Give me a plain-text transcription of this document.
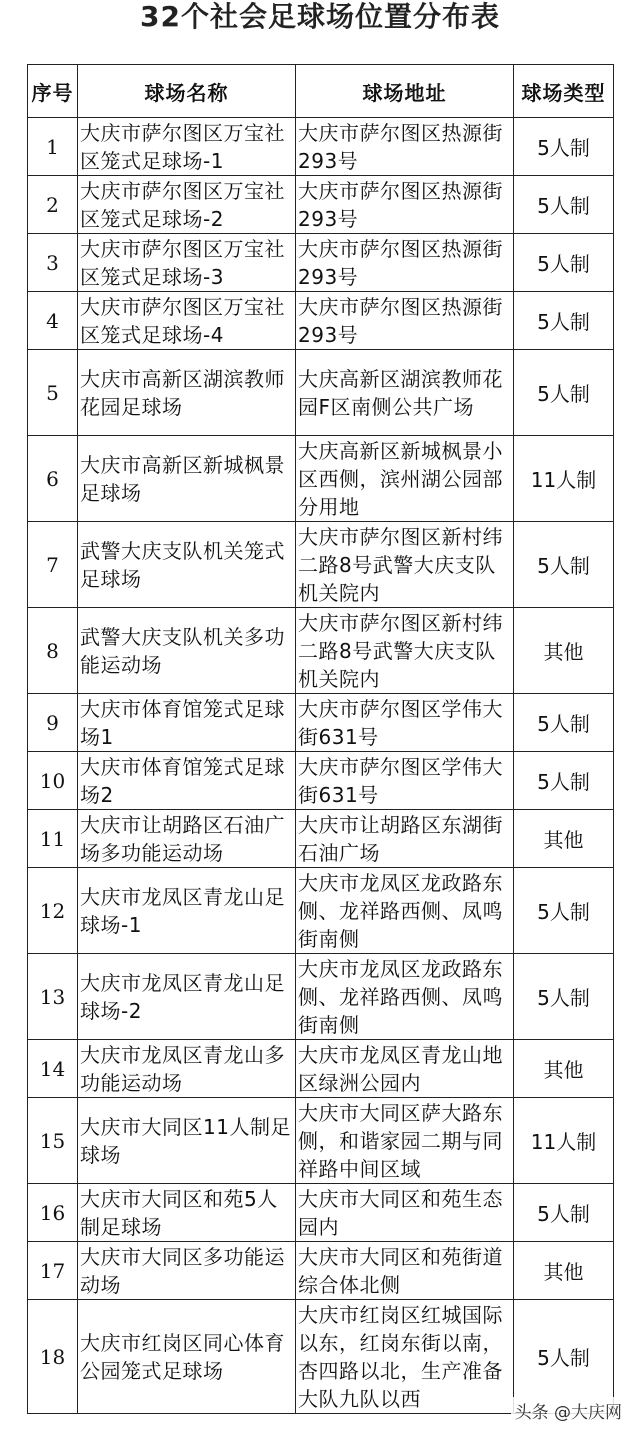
32个社会足球场位置分布表
序号	球场名称	球场地址	球场类型
1	大庆市萨尔图区万宝社区笼式足球场-1	大庆市萨尔图区热源街293号	5人制
2	大庆市萨尔图区万宝社区笼式足球场-2	大庆市萨尔图区热源街293号	5人制
3	大庆市萨尔图区万宝社区笼式足球场-3	大庆市萨尔图区热源街293号	5人制
4	大庆市萨尔图区万宝社区笼式足球场-4	大庆市萨尔图区热源街293号	5人制
5	大庆市高新区湖滨教师花园足球场	大庆高新区湖滨教师花园F区南侧公共广场	5人制
6	大庆市高新区新城枫景足球场	大庆高新区新城枫景小区西侧，滨州湖公园部分用地	11人制
7	武警大庆支队机关笼式足球场	大庆市萨尔图区新村纬二路8号武警大庆支队机关院内	5人制
8	武警大庆支队机关多功能运动场	大庆市萨尔图区新村纬二路8号武警大庆支队机关院内	其他
9	大庆市体育馆笼式足球场1	大庆市萨尔图区学伟大街631号	5人制
10	大庆市体育馆笼式足球场2	大庆市萨尔图区学伟大街631号	5人制
11	大庆市让胡路区石油广场多功能运动场	大庆市让胡路区东湖街石油广场	其他
12	大庆市龙凤区青龙山足球场-1	大庆市龙凤区龙政路东侧、龙祥路西侧、凤鸣街南侧	5人制
13	大庆市龙凤区青龙山足球场-2	大庆市龙凤区龙政路东侧、龙祥路西侧、凤鸣街南侧	5人制
14	大庆市龙凤区青龙山多功能运动场	大庆市龙凤区青龙山地区绿洲公园内	其他
15	大庆市大同区11人制足球场	大庆市大同区萨大路东侧，和谐家园二期与同祥路中间区域	11人制
16	大庆市大同区和苑5人制足球场	大庆市大同区和苑生态园内	5人制
17	大庆市大同区多功能运动场	大庆市大同区和苑街道综合体北侧	其他
18	大庆市红岗区同心体育公园笼式足球场	大庆市红岗区红城国际以东，红岗东街以南，杏四路以北，生产准备大队九队以西	5人制
头条 @大庆网
